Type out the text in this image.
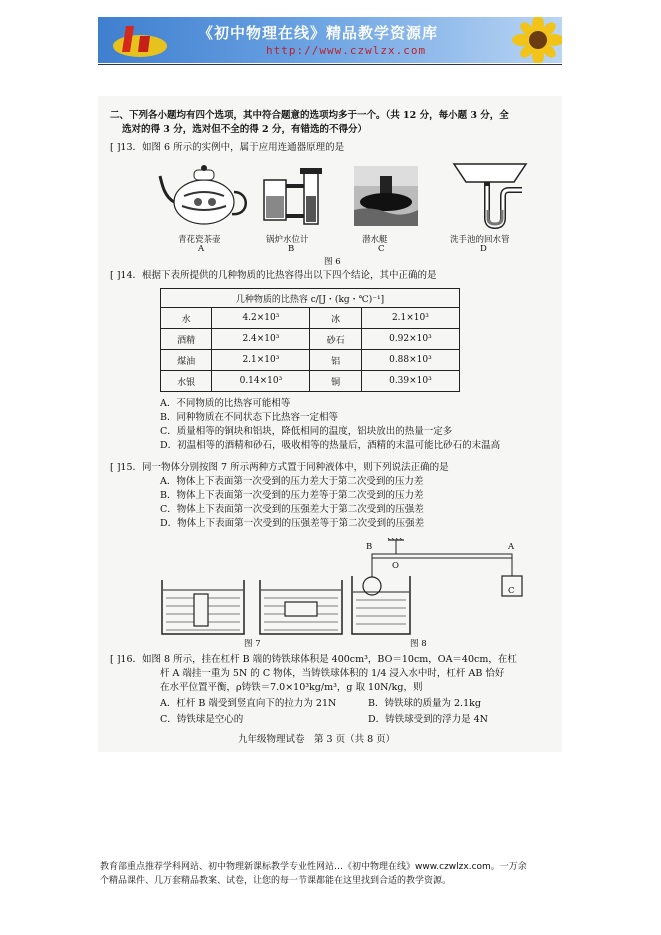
《初中物理在线》精品教学资源库
http://www.czwlzx.com
二、下列各小题均有四个选项，其中符合题意的选项均多于一个。（共 12 分，每小题 3 分，全
选对的得 3 分，选对但不全的得 2 分，有错选的不得分）
[ ]13．如图 6 所示的实例中，属于应用连通器原理的是
青花瓷茶壶
A
锅炉水位计
B
潜水艇
C
洗手池的回水管
D
图 6
[ ]14．根据下表所提供的几种物质的比热容得出以下四个结论，其中正确的是
几种物质的比热容 c/[J・(kg・℃)⁻¹]			
水	4.2×10³	冰	2.1×10³
酒精	2.4×10³	砂石	0.92×10³
煤油	2.1×10³	铝	0.88×10³
水银	0.14×10³	铜	0.39×10³
A．不同物质的比热容可能相等
B．同种物质在不同状态下比热容一定相等
C．质量相等的铜块和铝块，降低相同的温度，铝块放出的热量一定多
D．初温相等的酒精和砂石，吸收相等的热量后，酒精的末温可能比砂石的末温高
[ ]15．同一物体分别按图 7 所示两种方式置于同种液体中，则下列说法正确的是
A．物体上下表面第一次受到的压力差大于第二次受到的压力差
B．物体上下表面第一次受到的压力差等于第二次受到的压力差
C．物体上下表面第一次受到的压强差大于第二次受到的压强差
D．物体上下表面第一次受到的压强差等于第二次受到的压强差
图 7
B
O
A
C
图 8
[ ]16．如图 8 所示，挂在杠杆 B 端的铸铁球体积是 400cm³，BO＝10cm，OA＝40cm，在杠
杆 A 端挂一重为 5N 的 C 物体，当铸铁球体积的 1/4 浸入水中时，杠杆 AB 恰好
在水平位置平衡，ρ铸铁＝7.0×10³kg/m³，g 取 10N/kg，则
A．杠杆 B 端受到竖直向下的拉力为 21N	B．铸铁球的质量为 2.1kg
C．铸铁球是空心的	D．铸铁球受到的浮力是 4N
九年级物理试卷　第 3 页（共 8 页）
教育部重点推荐学科网站、初中物理新课标教学专业性网站…《初中物理在线》www.czwlzx.com。一万余
个精品课件、几万套精品教案、试卷，让您的每一节课都能在这里找到合适的教学资源。
